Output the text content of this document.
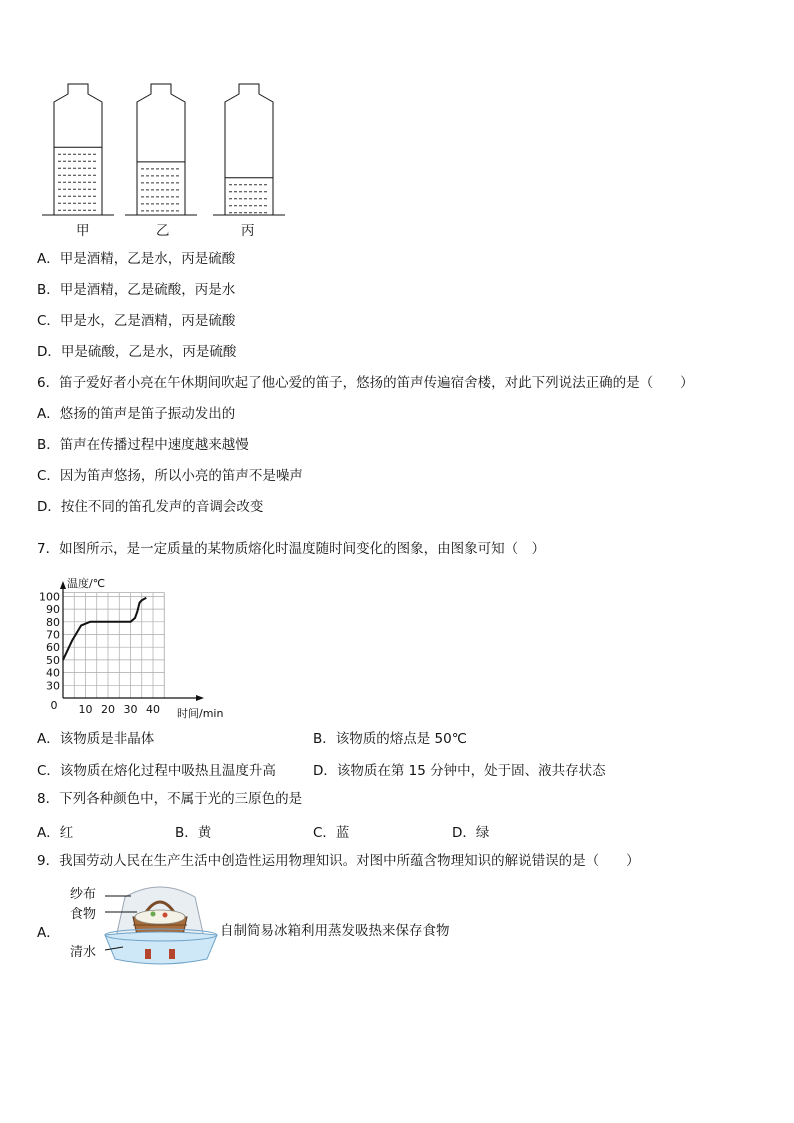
甲	乙	丙
A．甲是酒精，乙是水，丙是硫酸
B．甲是酒精，乙是硫酸，丙是水
C．甲是水，乙是酒精，丙是硫酸
D．甲是硫酸，乙是水，丙是硫酸
6．笛子爱好者小亮在午休期间吹起了他心爱的笛子，悠扬的笛声传遍宿舍楼，对此下列说法正确的是（　　）
A．悠扬的笛声是笛子振动发出的
B．笛声在传播过程中速度越来越慢
C．因为笛声悠扬，所以小亮的笛声不是噪声
D．按住不同的笛孔发声的音调会改变
7．如图所示，是一定质量的某物质熔化时温度随时间变化的图象，由图象可知（　）
30
40
50
60
70
80
90
100
10 20 30 40
0
温度/℃
时间/min
A．该物质是非晶体	B．该物质的熔点是 50℃
C．该物质在熔化过程中吸热且温度升高	D．该物质在第 15 分钟中，处于固、液共存状态
8．下列各种颜色中，不属于光的三原色的是
A．红	B．黄	C．蓝	D．绿
9．我国劳动人民在生产生活中创造性运用物理知识。对图中所蕴含物理知识的解说错误的是（　　）
A．
纱布
食物
清水
自制简易冰箱利用蒸发吸热来保存食物
